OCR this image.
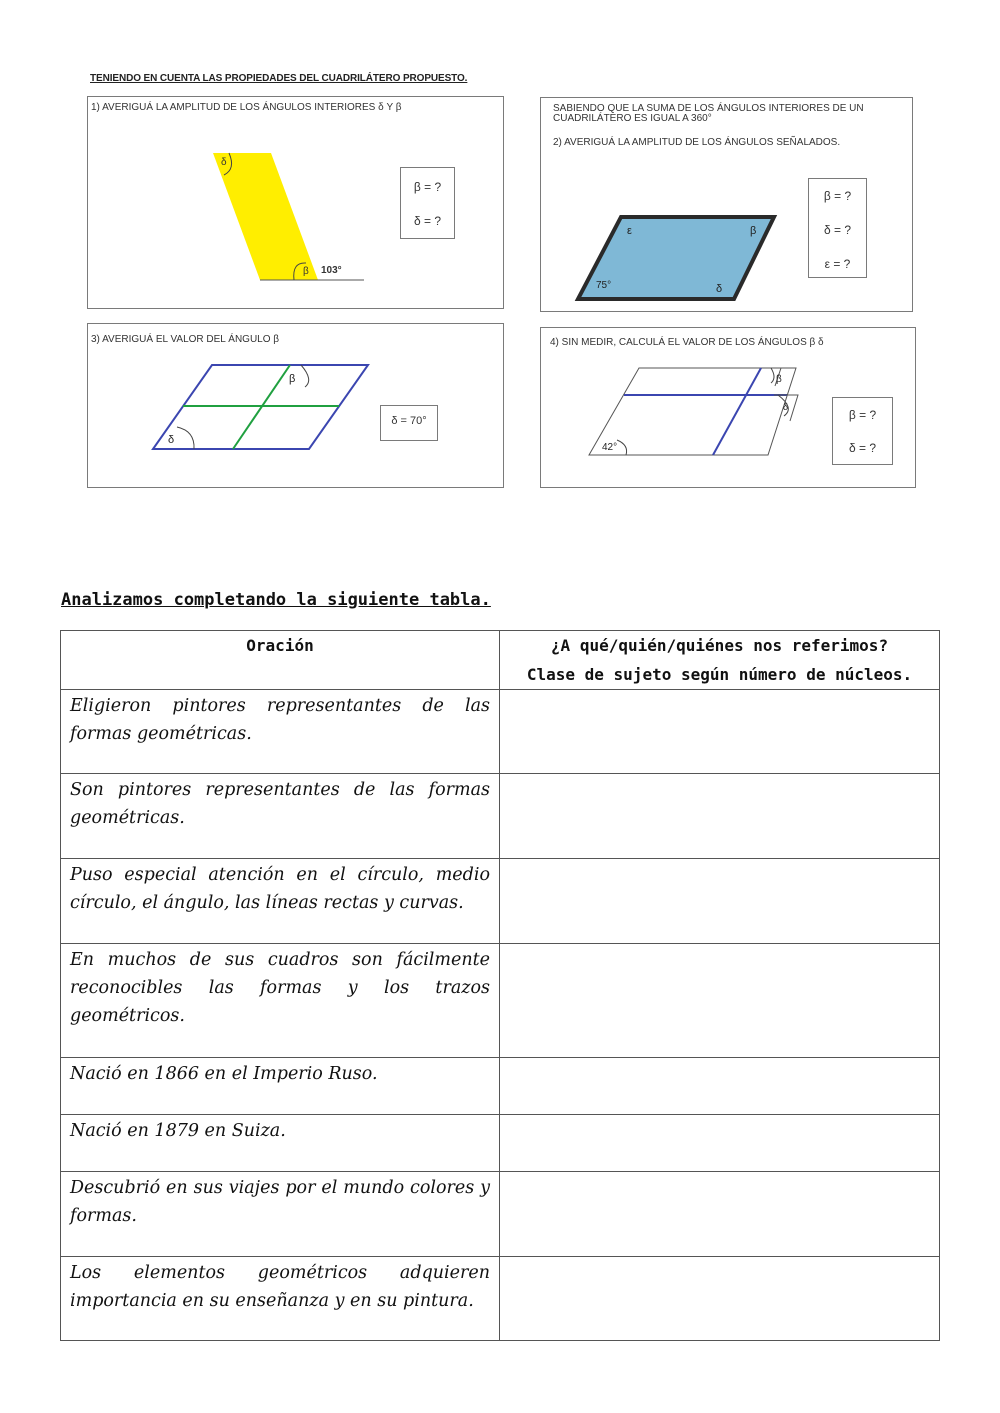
TENIENDO EN CUENTA LAS PROPIEDADES DEL CUADRILÁTERO PROPUESTO.
1) AVERIGUÁ LA AMPLITUD DE LOS ÁNGULOS INTERIORES δ Y β
δ
β 103°
β = ?
δ = ?
SABIENDO QUE LA SUMA DE LOS ÁNGULOS INTERIORES DE UN
CUADRILÁTERO ES IGUAL A 360°
2) AVERIGUÁ LA AMPLITUD DE LOS ÁNGULOS SEÑALADOS.
ε	β
75°	δ
β = ?
δ = ?
ε = ?
3) AVERIGUÁ EL VALOR DEL ÁNGULO β
β
δ
δ = 70°
4) SIN MEDIR, CALCULÁ EL VALOR DE LOS ÁNGULOS β δ
β
δ
42°
β = ?
δ = ?
Analizamos completando la siguiente tabla.
Oración	¿A qué/quién/quiénes nos referimos?
Clase de sujeto según número de núcleos.

Eligieron pintores representantes de las formas geométricas.	
Son pintores representantes de las formas geométricas.	
Puso especial atención en el círculo, medio círculo, el ángulo, las líneas rectas y curvas.	
En muchos de sus cuadros son fácilmente reconocibles las formas y los trazos geométricos.	
Nació en 1866 en el Imperio Ruso.	
Nació en 1879 en Suiza.	
Descubrió en sus viajes por el mundo colores y formas.	
Los elementos geométricos adquieren importancia en su enseñanza y en su pintura.	
